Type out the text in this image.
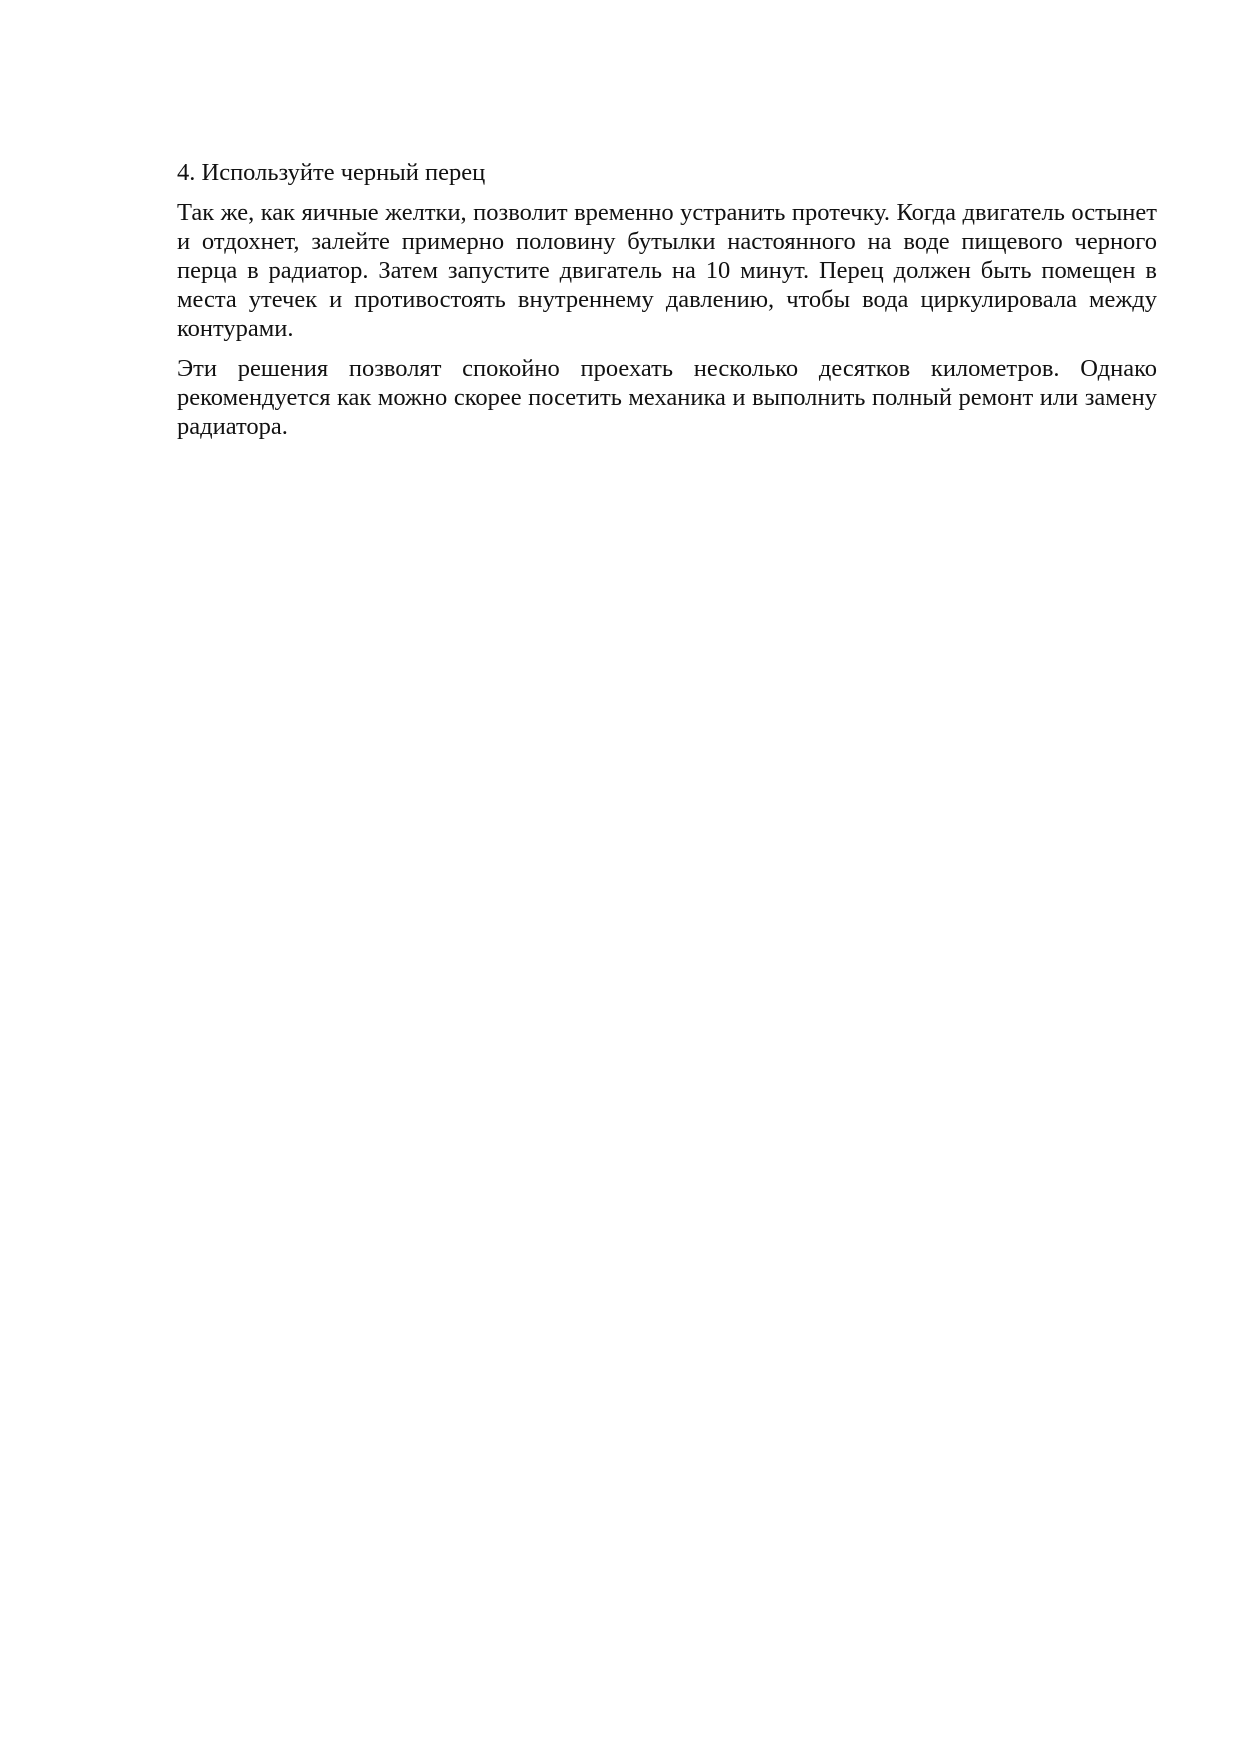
4. Используйте черный перец

Так же, как яичные желтки, позволит временно устранить протечку. Когда двигатель остынет и отдохнет, залейте примерно половину бутылки настоянного на воде пищевого черного перца в радиатор. Затем запустите двигатель на 10 минут. Перец должен быть помещен в места утечек и противостоять внутреннему давлению, чтобы вода циркулировала между контурами.

Эти решения позволят спокойно проехать несколько десятков километров. Однако рекомендуется как можно скорее посетить механика и выполнить полный ремонт или замену радиатора.
